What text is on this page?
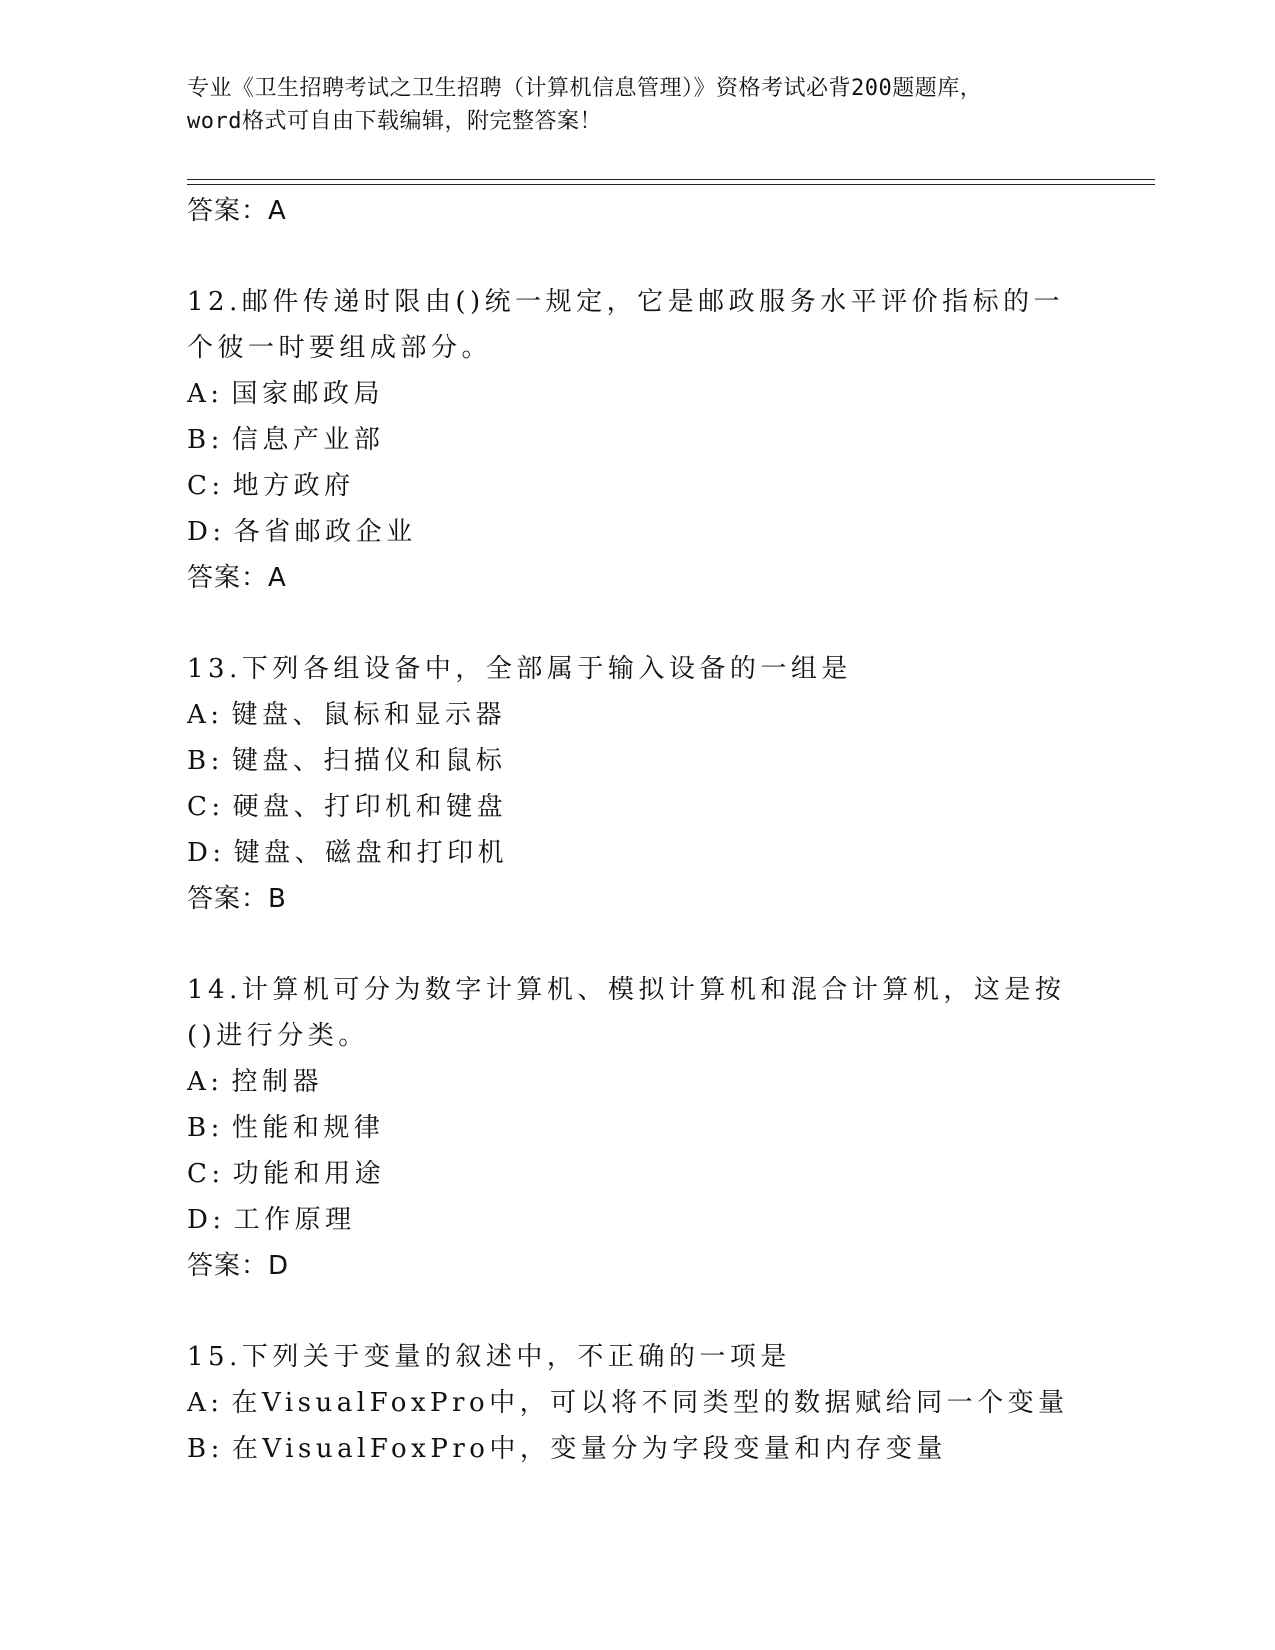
专业《卫生招聘考试之卫生招聘（计算机信息管理）》资格考试必背200题题库，
word格式可自由下载编辑，附完整答案！
答案：A
12.邮件传递时限由()统一规定，它是邮政服务水平评价指标的一个彼一时要组成部分。
A: 国家邮政局
B: 信息产业部
C: 地方政府
D: 各省邮政企业
答案：A
13.下列各组设备中，全部属于输入设备的一组是
A: 键盘、鼠标和显示器
B: 键盘、扫描仪和鼠标
C: 硬盘、打印机和键盘
D: 键盘、磁盘和打印机
答案：B
14.计算机可分为数字计算机、模拟计算机和混合计算机，这是按()进行分类。
A: 控制器
B: 性能和规律
C: 功能和用途
D: 工作原理
答案：D
15.下列关于变量的叙述中，不正确的一项是
A: 在VisualFoxPro中，可以将不同类型的数据赋给同一个变量
B: 在VisualFoxPro中，变量分为字段变量和内存变量
